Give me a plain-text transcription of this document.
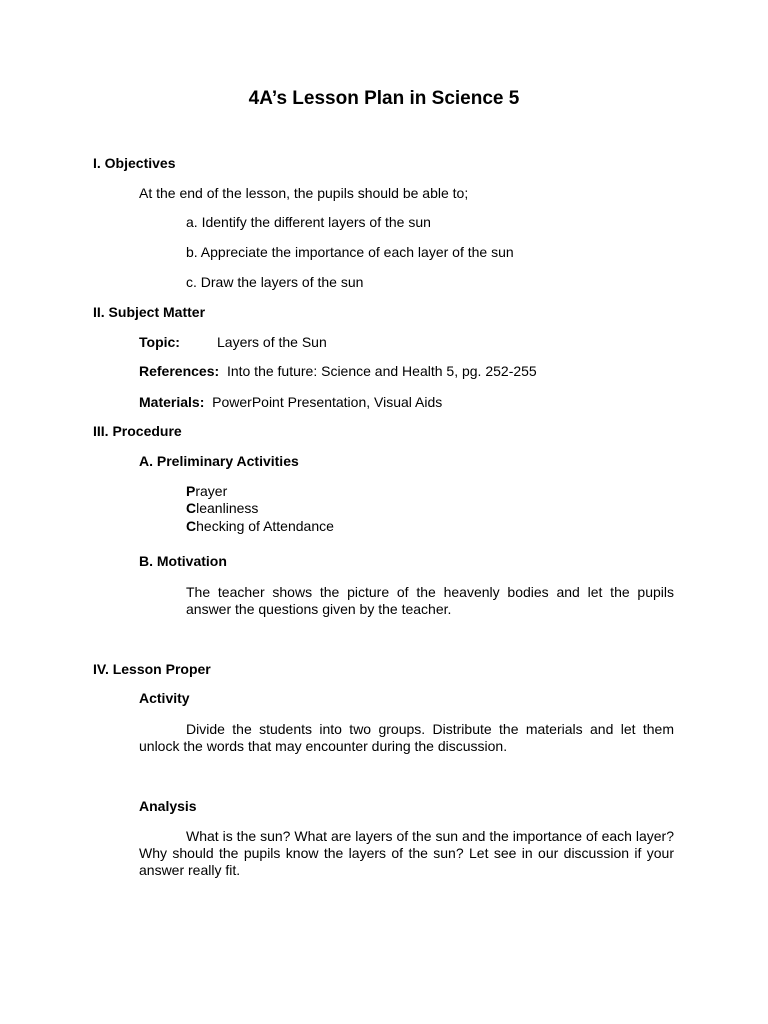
4A’s Lesson Plan in Science 5
I. Objectives
At the end of the lesson, the pupils should be able to;
a. Identify the different layers of the sun
b. Appreciate the importance of each layer of the sun
c. Draw the layers of the sun
II. Subject Matter
Topic:	Layers of the Sun
References: Into the future: Science and Health 5, pg. 252-255
Materials: PowerPoint Presentation, Visual Aids
III. Procedure
A. Preliminary Activities
Prayer
Cleanliness
Checking of Attendance
B. Motivation
The teacher shows the picture of the heavenly bodies and let the pupils answer the questions given by the teacher.
IV. Lesson Proper
Activity
Divide the students into two groups. Distribute the materials and let them unlock the words that may encounter during the discussion.
Analysis
What is the sun? What are layers of the sun and the importance of each layer? Why should the pupils know the layers of the sun? Let see in our discussion if your answer really fit.
